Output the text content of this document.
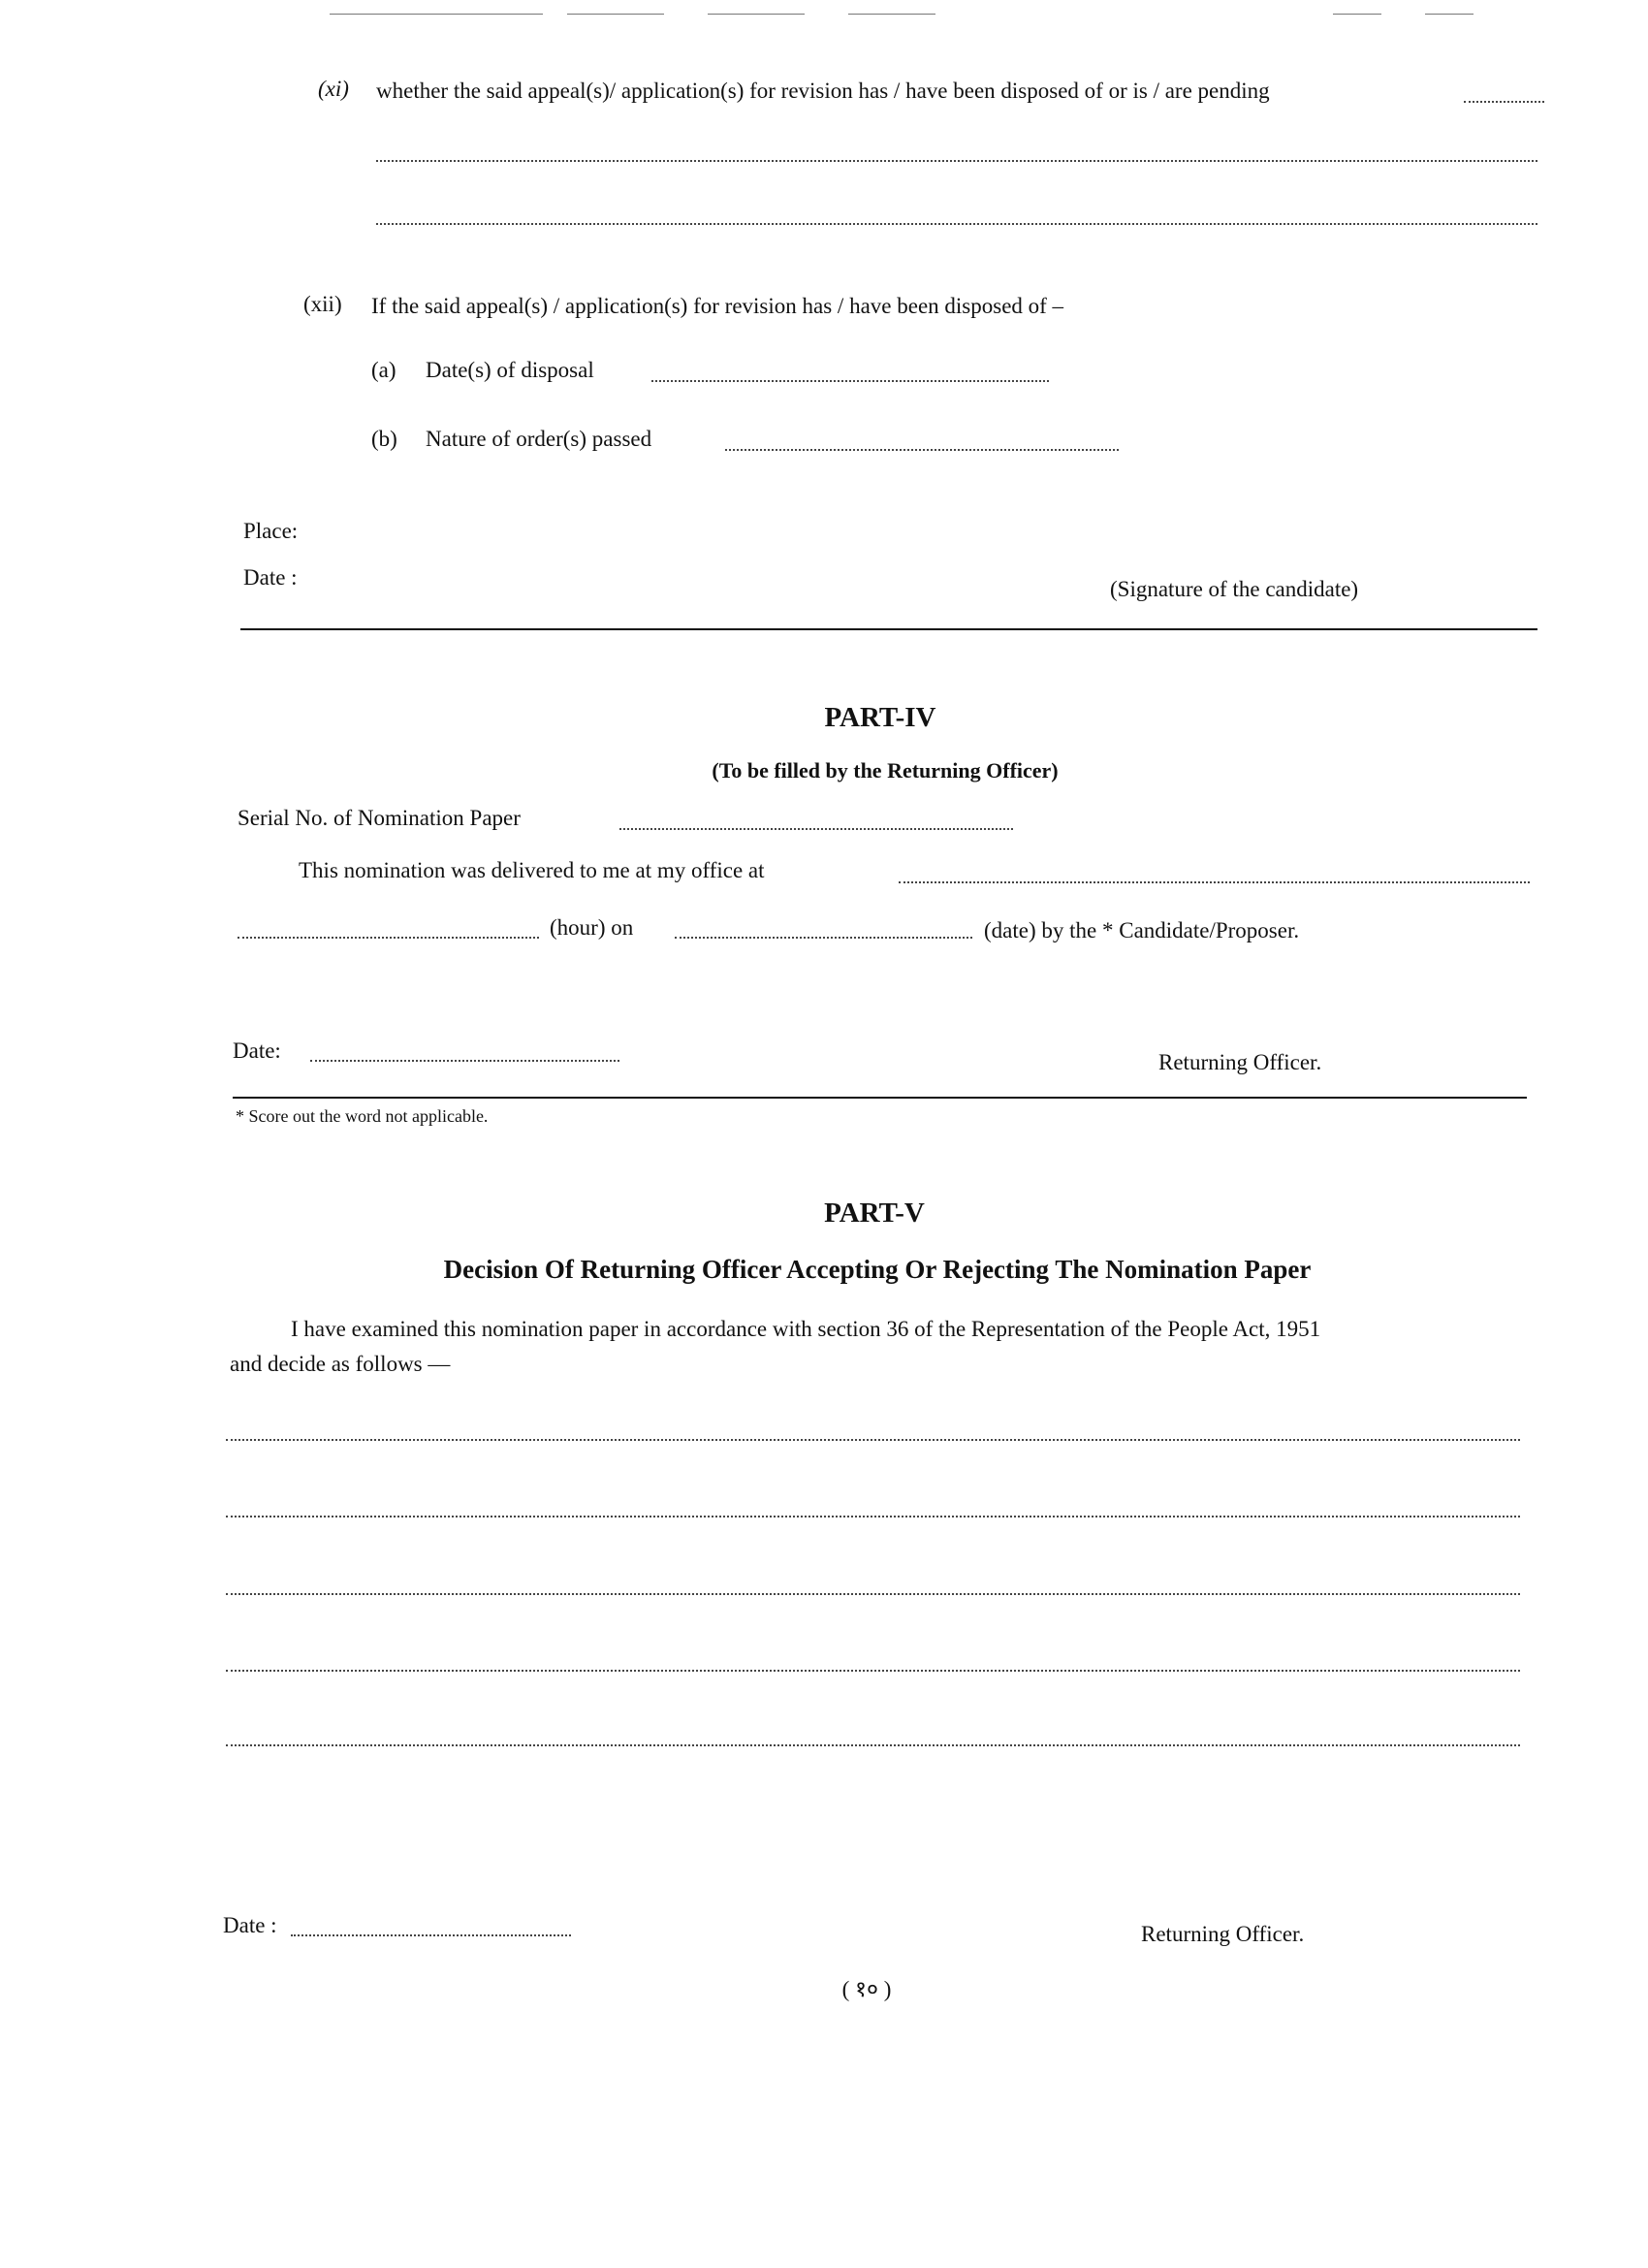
(xi) whether the said appeal(s)/ application(s) for revision has / have been disposed of or is / are pending
(xii) If the said appeal(s) / application(s) for revision has / have been disposed of –
(a) Date(s) of disposal
(b) Nature of order(s) passed
Place:
Date :	(Signature of the candidate)
PART-IV
(To be filled by the Returning Officer)
Serial No. of Nomination Paper
This nomination was delivered to me at my office at
(hour) on	(date) by the * Candidate/Proposer.
Date:	Returning Officer.
* Score out the word not applicable.
PART-V
Decision Of Returning Officer Accepting Or Rejecting The Nomination Paper
I have examined this nomination paper in accordance with section 36 of the Representation of the People Act, 1951
and decide as follows —
Date :	Returning Officer.
( १० )
